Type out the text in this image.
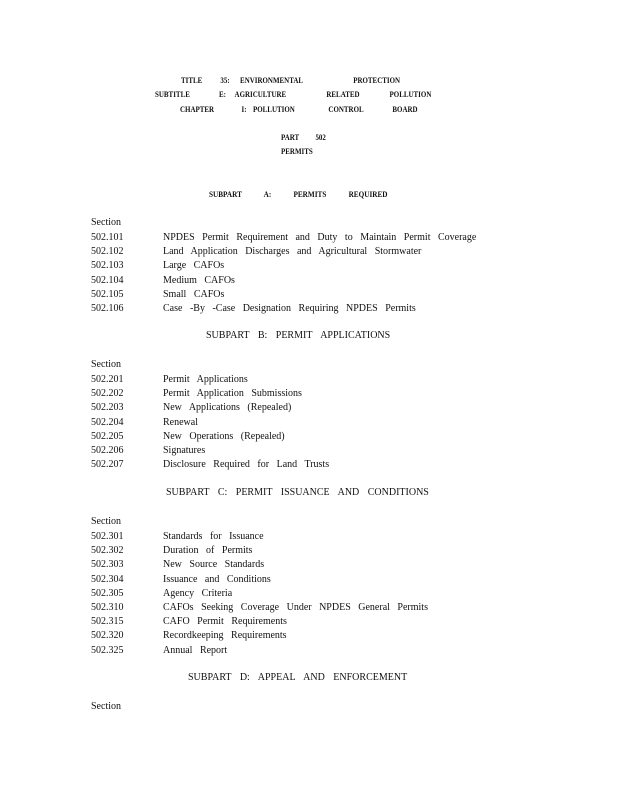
TITLE 35: ENVIRONMENTAL	PROTECTION
SUBTITLE	E: AGRICULTURE	RELATED	POLLUTION
CHAPTER	I: POLLUTION	CONTROL	BOARD
PART 502
PERMITS
SUBPART A: PERMITS REQUIRED
Section
502.101	NPDES Permit Requirement and Duty to Maintain Permit Coverage
502.102	Land Application Discharges and Agricultural Stormwater
502.103	Large CAFOs
502.104	Medium CAFOs
502.105	Small CAFOs
502.106	Case -By -Case Designation Requiring NPDES Permits
SUBPART B: PERMIT APPLICATIONS
Section
502.201	Permit Applications
502.202	Permit Application Submissions
502.203	New Applications (Repealed)
502.204	Renewal
502.205	New Operations (Repealed)
502.206	Signatures
502.207	Disclosure Required for Land Trusts
SUBPART C: PERMIT ISSUANCE AND CONDITIONS
Section
502.301	Standards for Issuance
502.302	Duration of Permits
502.303	New Source Standards
502.304	Issuance and Conditions
502.305	Agency Criteria
502.310	CAFOs Seeking Coverage Under NPDES General Permits
502.315	CAFO Permit Requirements
502.320	Recordkeeping Requirements
502.325	Annual Report
SUBPART D: APPEAL AND ENFORCEMENT
Section
